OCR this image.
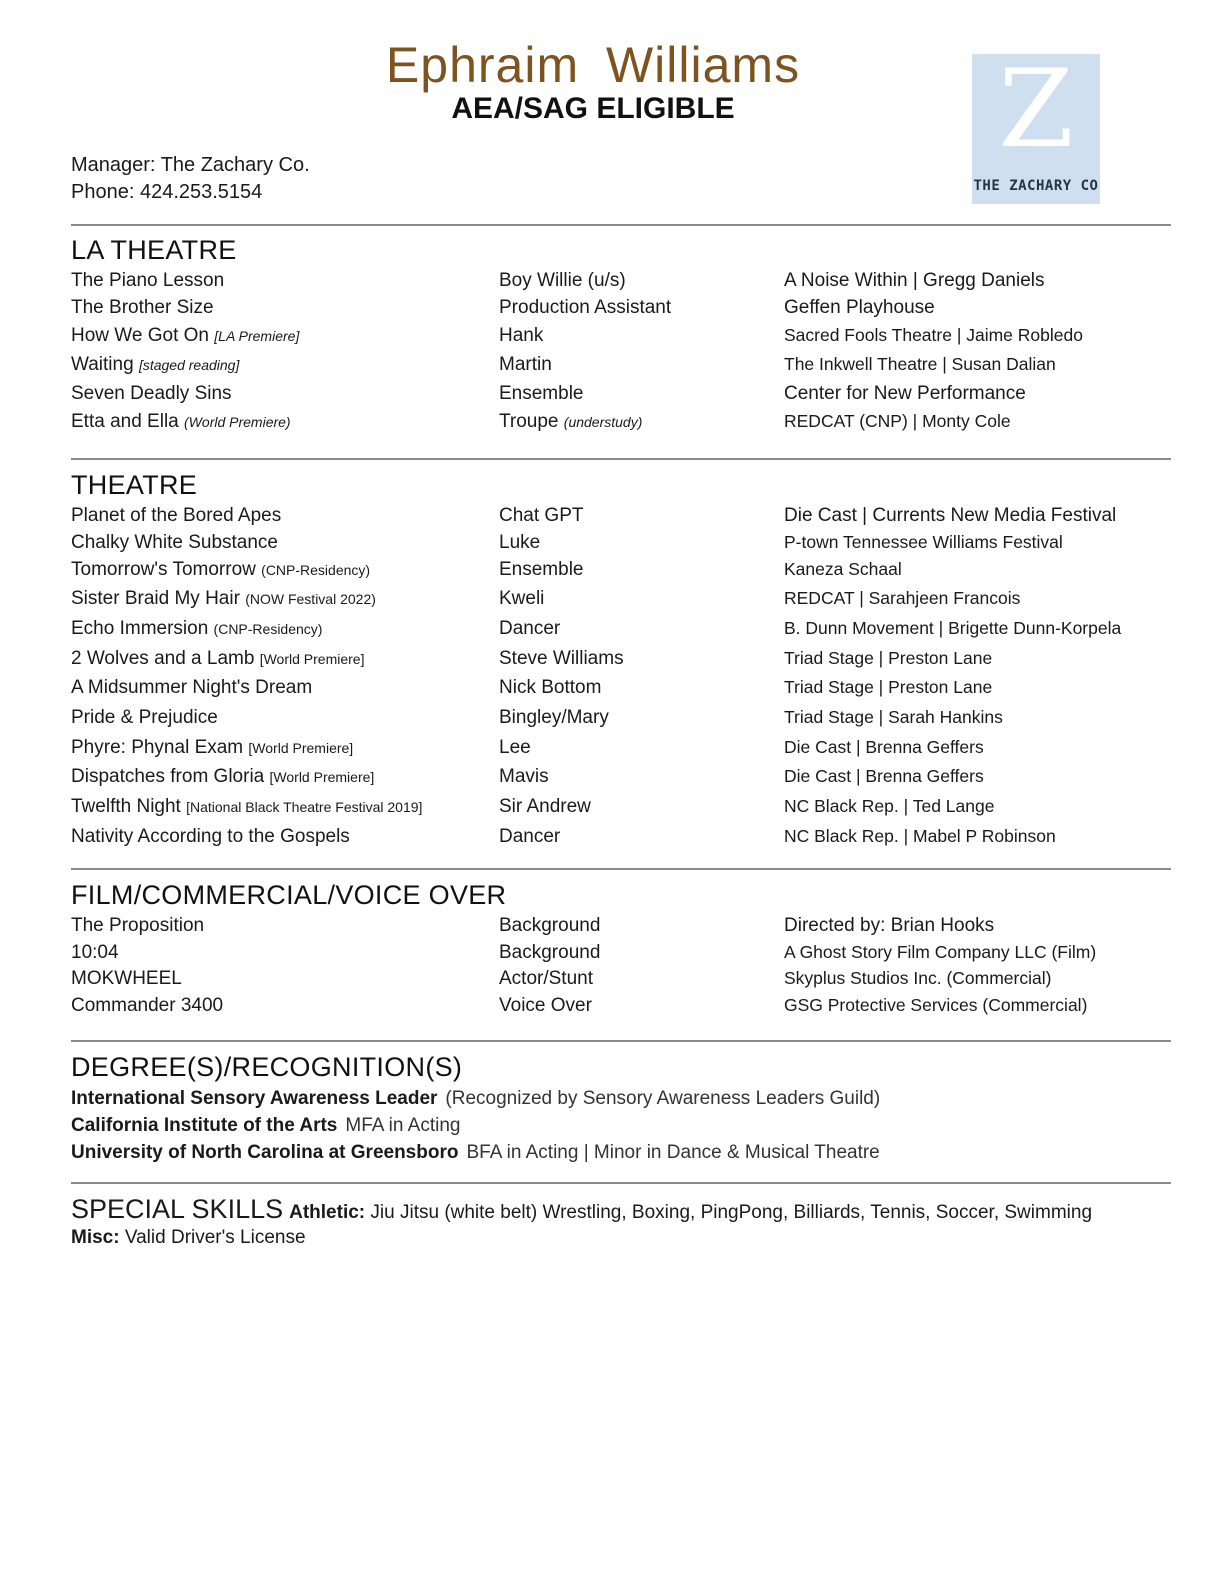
Ephraim Williams
AEA/SAG ELIGIBLE
Manager: The Zachary Co.
Phone: 424.253.5154
Z
THE ZACHARY CO
LA THEATRE
The Piano Lesson	Boy Willie (u/s)	A Noise Within | Gregg Daniels
The Brother Size	Production Assistant	Geffen Playhouse
How We Got On [LA Premiere]	Hank	Sacred Fools Theatre | Jaime Robledo
Waiting [staged reading]	Martin	The Inkwell Theatre | Susan Dalian
Seven Deadly Sins	Ensemble	Center for New Performance
Etta and Ella (World Premiere)	Troupe (understudy)	REDCAT (CNP) | Monty Cole
THEATRE
Planet of the Bored Apes	Chat GPT	Die Cast | Currents New Media Festival
Chalky White Substance	Luke	P-town Tennessee Williams Festival
Tomorrow's Tomorrow (CNP-Residency)	Ensemble	Kaneza Schaal
Sister Braid My Hair (NOW Festival 2022)	Kweli	REDCAT | Sarahjeen Francois
Echo Immersion (CNP-Residency)	Dancer	B. Dunn Movement | Brigette Dunn-Korpela
2 Wolves and a Lamb [World Premiere]	Steve Williams	Triad Stage | Preston Lane
A Midsummer Night's Dream	Nick Bottom	Triad Stage | Preston Lane
Pride & Prejudice	Bingley/Mary	Triad Stage | Sarah Hankins
Phyre: Phynal Exam [World Premiere]	Lee	Die Cast | Brenna Geffers
Dispatches from Gloria [World Premiere]	Mavis	Die Cast | Brenna Geffers
Twelfth Night [National Black Theatre Festival 2019]	Sir Andrew	NC Black Rep. | Ted Lange
Nativity According to the Gospels	Dancer	NC Black Rep. | Mabel P Robinson
FILM/COMMERCIAL/VOICE OVER
The Proposition	Background	Directed by: Brian Hooks
10:04	Background	A Ghost Story Film Company LLC (Film)
MOKWHEEL	Actor/Stunt	Skyplus Studios Inc. (Commercial)
Commander 3400	Voice Over	GSG Protective Services (Commercial)
DEGREE(S)/RECOGNITION(S)
International Sensory Awareness Leader (Recognized by Sensory Awareness Leaders Guild)
California Institute of the Arts MFA in Acting
University of North Carolina at Greensboro BFA in Acting | Minor in Dance & Musical Theatre
SPECIAL SKILLS Athletic: Jiu Jitsu (white belt) Wrestling, Boxing, PingPong, Billiards, Tennis, Soccer, Swimming
Misc: Valid Driver's License
